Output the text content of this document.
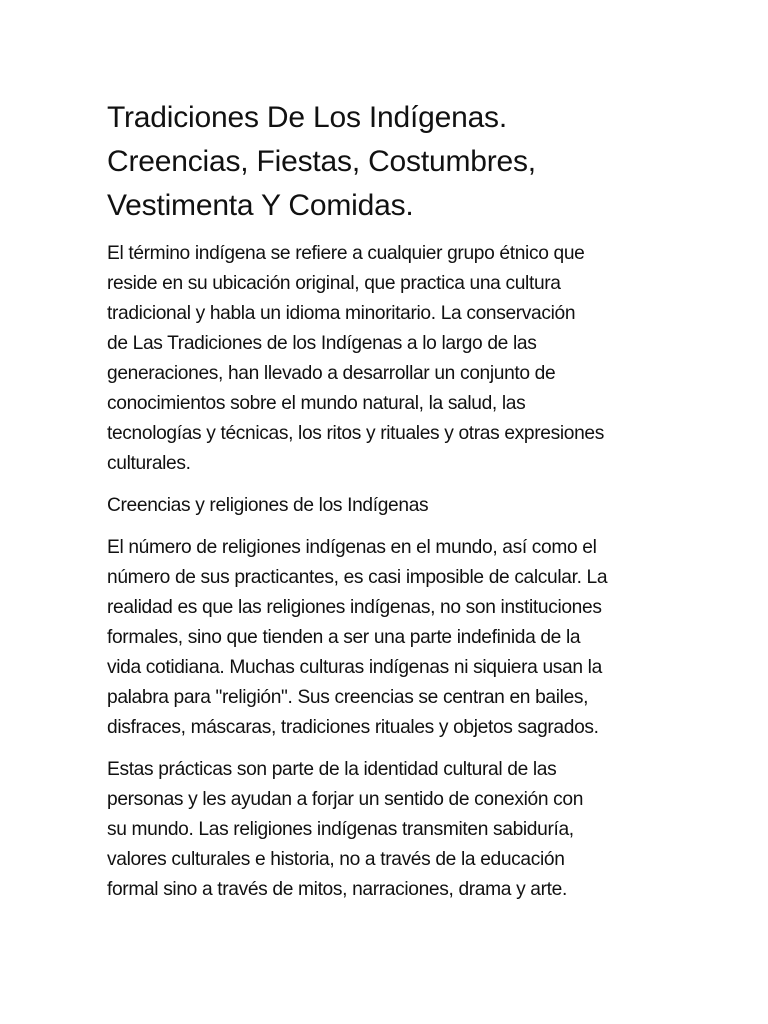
Tradiciones De Los Indígenas.
Creencias, Fiestas, Costumbres,
Vestimenta Y Comidas.

El término indígena se refiere a cualquier grupo étnico que
reside en su ubicación original, que practica una cultura
tradicional y habla un idioma minoritario. La conservación
de Las Tradiciones de los Indígenas a lo largo de las
generaciones, han llevado a desarrollar un conjunto de
conocimientos sobre el mundo natural, la salud, las
tecnologías y técnicas, los ritos y rituales y otras expresiones
culturales.

Creencias y religiones de los Indígenas

El número de religiones indígenas en el mundo, así como el
número de sus practicantes, es casi imposible de calcular. La
realidad es que las religiones indígenas, no son instituciones
formales, sino que tienden a ser una parte indefinida de la
vida cotidiana. Muchas culturas indígenas ni siquiera usan la
palabra para "religión". Sus creencias se centran en bailes,
disfraces, máscaras, tradiciones rituales y objetos sagrados.

Estas prácticas son parte de la identidad cultural de las
personas y les ayudan a forjar un sentido de conexión con
su mundo. Las religiones indígenas transmiten sabiduría,
valores culturales e historia, no a través de la educación
formal sino a través de mitos, narraciones, drama y arte.
